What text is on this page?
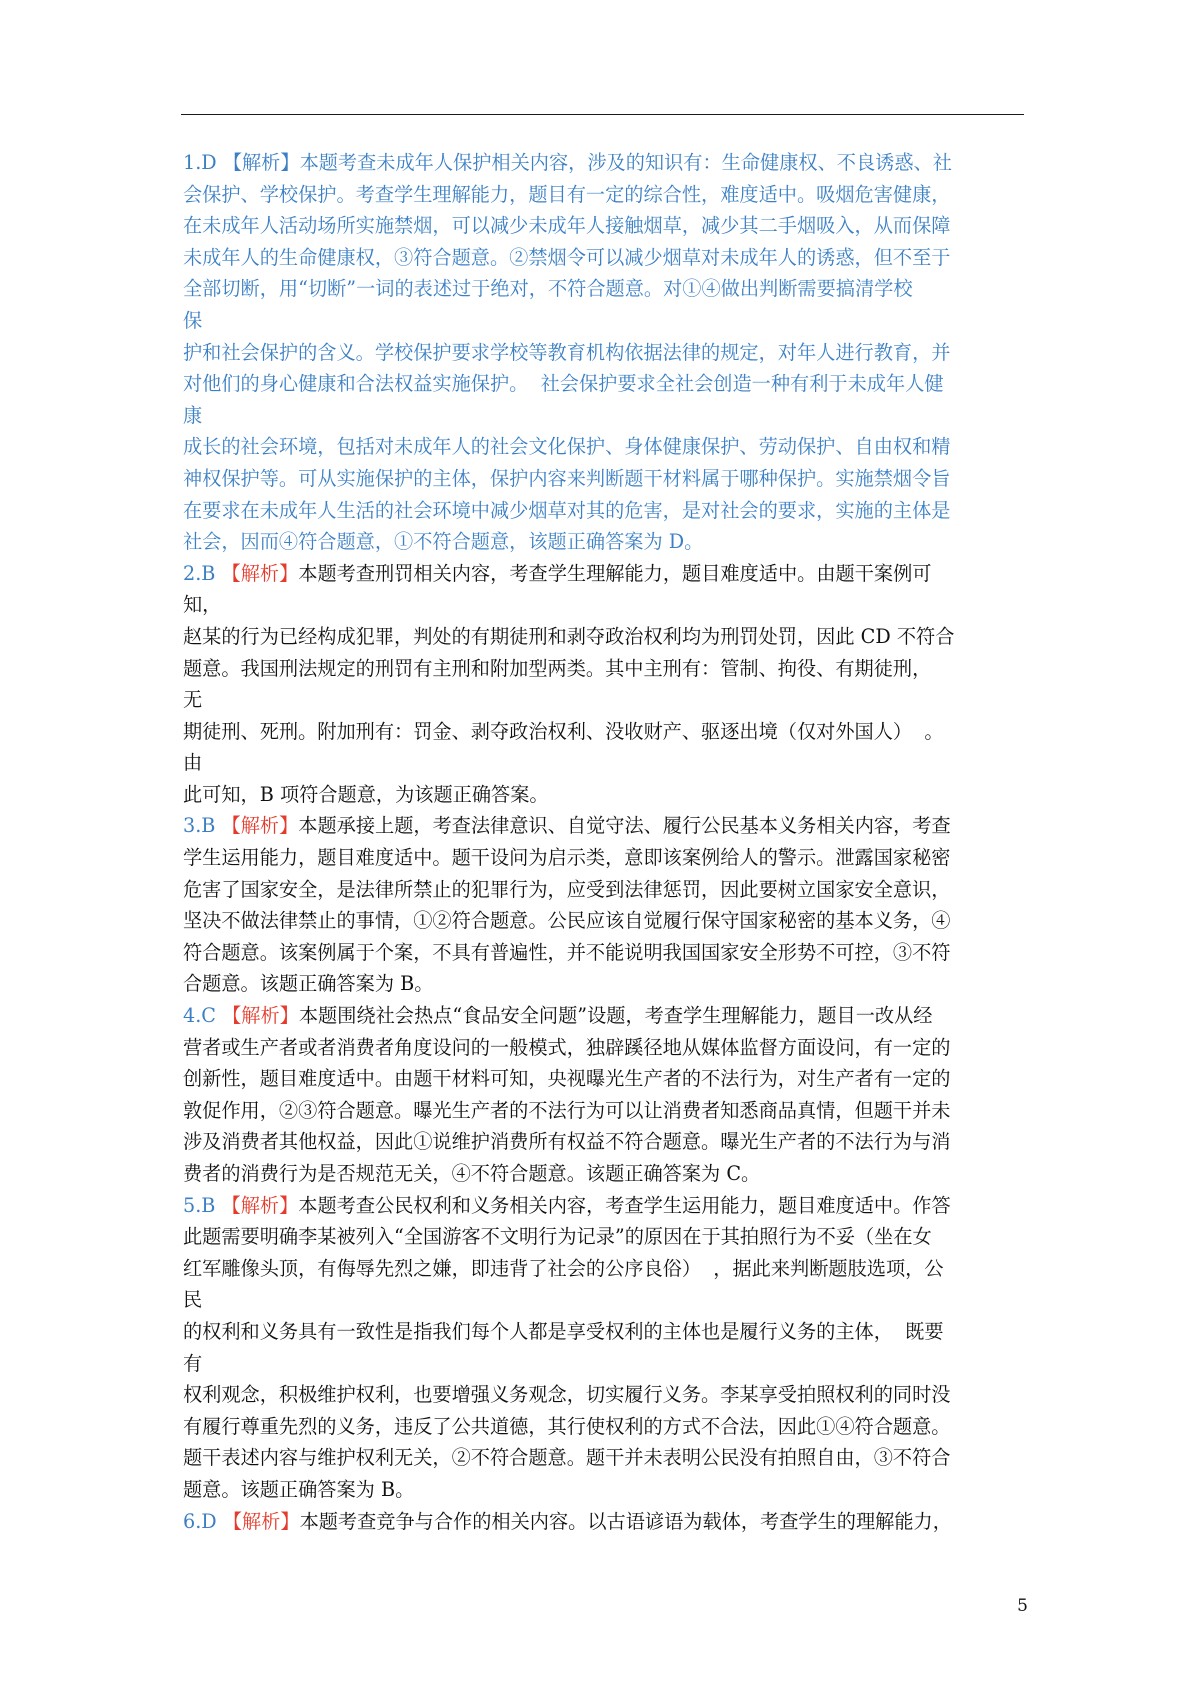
1.D 【解析】本题考查未成年人保护相关内容，涉及的知识有：生命健康权、不良诱惑、社
会保护、学校保护。考查学生理解能力，题目有一定的综合性，难度适中。吸烟危害健康，
在未成年人活动场所实施禁烟，可以减少未成年人接触烟草，减少其二手烟吸入，从而保障
未成年人的生命健康权，③符合题意。②禁烟令可以减少烟草对未成年人的诱惑，但不至于
全部切断，用“切断”一词的表述过于绝对，不符合题意。对①④做出判断需要搞清学校
保
护和社会保护的含义。学校保护要求学校等教育机构依据法律的规定，对年人进行教育，并
对他们的身心健康和合法权益实施保护。  社会保护要求全社会创造一种有利于未成年人健
康
成长的社会环境，包括对未成年人的社会文化保护、身体健康保护、劳动保护、自由权和精
神权保护等。可从实施保护的主体，保护内容来判断题干材料属于哪种保护。实施禁烟令旨
在要求在未成年人生活的社会环境中减少烟草对其的危害，是对社会的要求，实施的主体是
社会，因而④符合题意，①不符合题意，该题正确答案为 D。
2.B 【解析】本题考查刑罚相关内容，考查学生理解能力，题目难度适中。由题干案例可
知，
赵某的行为已经构成犯罪，判处的有期徒刑和剥夺政治权利均为刑罚处罚，因此 CD 不符合
题意。我国刑法规定的刑罚有主刑和附加型两类。其中主刑有：管制、拘役、有期徒刑，
无
期徒刑、死刑。附加刑有：罚金、剥夺政治权利、没收财产、驱逐出境（仅对外国人）  。
由
此可知，B 项符合题意，为该题正确答案。
3.B 【解析】本题承接上题，考查法律意识、自觉守法、履行公民基本义务相关内容，考查
学生运用能力，题目难度适中。题干设问为启示类，意即该案例给人的警示。泄露国家秘密
危害了国家安全，是法律所禁止的犯罪行为，应受到法律惩罚，因此要树立国家安全意识，
坚决不做法律禁止的事情，①②符合题意。公民应该自觉履行保守国家秘密的基本义务，④
符合题意。该案例属于个案，不具有普遍性，并不能说明我国国家安全形势不可控，③不符
合题意。该题正确答案为 B。
4.C 【解析】本题围绕社会热点“食品安全问题”设题，考查学生理解能力，题目一改从经
营者或生产者或者消费者角度设问的一般模式，独辟蹊径地从媒体监督方面设问，有一定的
创新性，题目难度适中。由题干材料可知，央视曝光生产者的不法行为，对生产者有一定的
敦促作用，②③符合题意。曝光生产者的不法行为可以让消费者知悉商品真情，但题干并未
涉及消费者其他权益，因此①说维护消费所有权益不符合题意。曝光生产者的不法行为与消
费者的消费行为是否规范无关，④不符合题意。该题正确答案为 C。
5.B 【解析】本题考查公民权利和义务相关内容，考查学生运用能力，题目难度适中。作答
此题需要明确李某被列入“全国游客不文明行为记录”的原因在于其拍照行为不妥（坐在女
红军雕像头顶，有侮辱先烈之嫌，即违背了社会的公序良俗）  ，据此来判断题肢选项，公
民
的权利和义务具有一致性是指我们每个人都是享受权利的主体也是履行义务的主体，  既要
有
权利观念，积极维护权利，也要增强义务观念，切实履行义务。李某享受拍照权利的同时没
有履行尊重先烈的义务，违反了公共道德，其行使权利的方式不合法，因此①④符合题意。
题干表述内容与维护权利无关，②不符合题意。题干并未表明公民没有拍照自由，③不符合
题意。该题正确答案为 B。
6.D 【解析】本题考查竞争与合作的相关内容。以古语谚语为载体，考查学生的理解能力，
5
